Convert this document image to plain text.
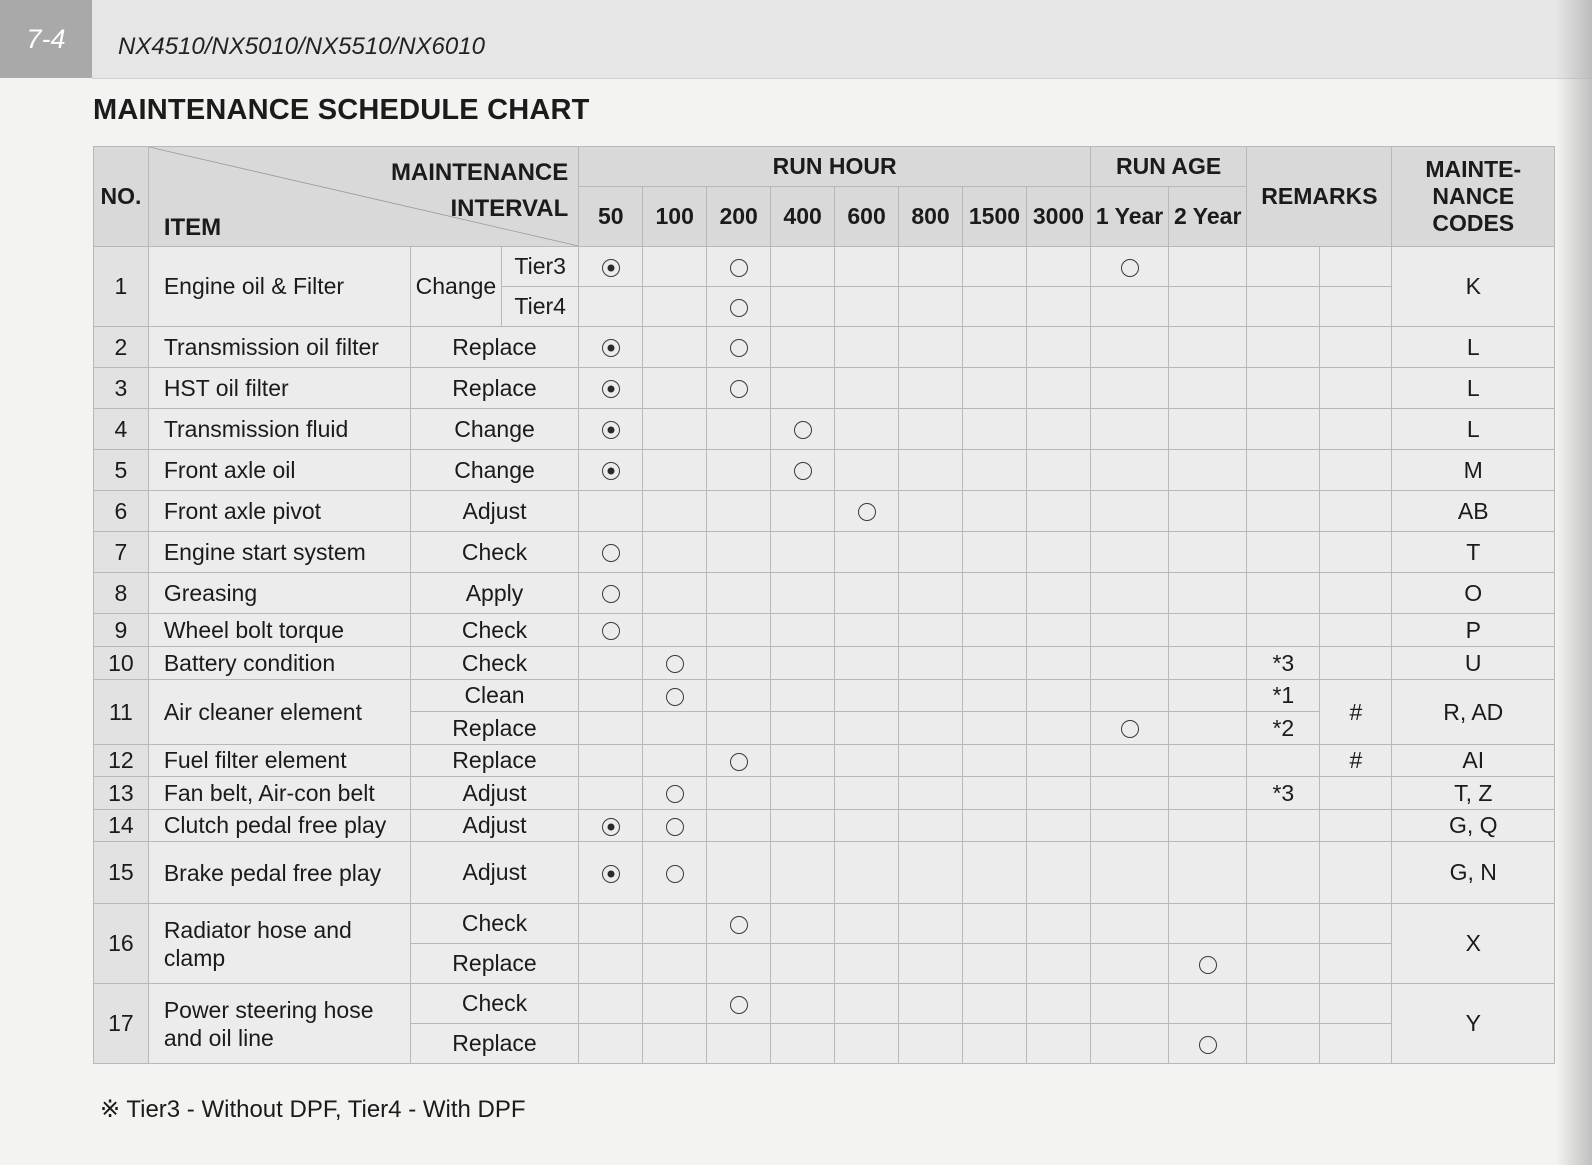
7-4	NX4510/NX5010/NX5510/NX6010
MAINTENANCE SCHEDULE CHART
NO.	MAINTENANCE
INTERVAL
ITEM			RUN HOUR								RUN AGE		REMARKS		MAINTE-NANCE CODES
				50	100	200	400	600	800	1500	3000	1 Year	2 Year			
1	Engine oil & Filter	Change	Tier3													K
			Tier4													
2	Transmission oil filter	Replace														L
3	HST oil filter	Replace														L
4	Transmission fluid	Change														L
5	Front axle oil	Change														M
6	Front axle pivot	Adjust														AB
7	Engine start system	Check														T
8	Greasing	Apply														O
9	Wheel bolt torque	Check														P
10	Battery condition	Check												*3		U
11	Air cleaner element	Clean												*1	#	R, AD
		Replace												*2		
12	Fuel filter element	Replace													#	AI
13	Fan belt, Air-con belt	Adjust												*3		T, Z
14	Clutch pedal free play	Adjust														G, Q
15	Brake pedal free play	Adjust														G, N
16	Radiator hose and clamp	Check														X
		Replace														
17	Power steering hose and oil line	Check														Y
		Replace														
※ Tier3 - Without DPF, Tier4 - With DPF
